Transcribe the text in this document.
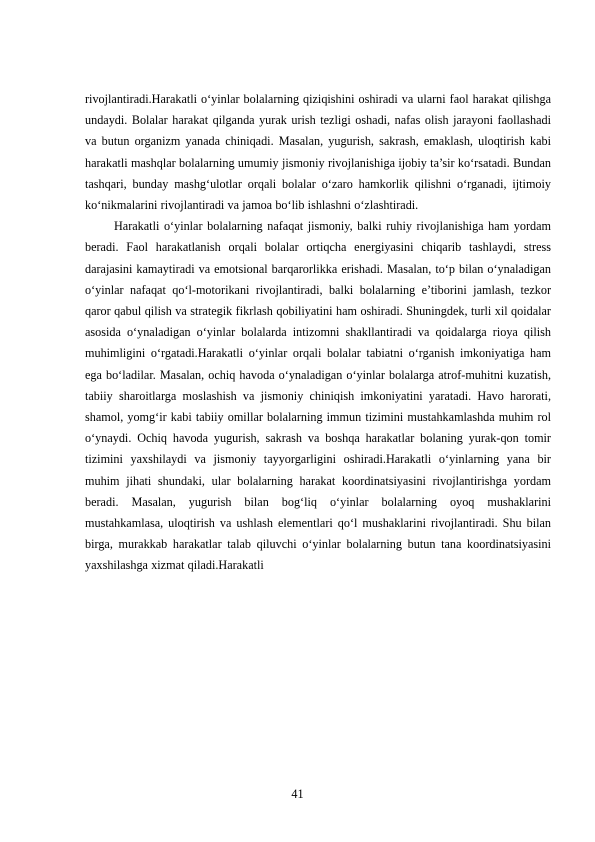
rivojlantiradi.Harakatli o‘yinlar bolalarning qiziqishini oshiradi va ularni faol harakat qilishga undaydi. Bolalar harakat qilganda yurak urish tezligi oshadi, nafas olish jarayoni faollashadi va butun organizm yanada chiniqadi. Masalan, yugurish, sakrash, emaklash, uloqtirish kabi harakatli mashqlar bolalarning umumiy jismoniy rivojlanishiga ijobiy ta’sir ko‘rsatadi. Bundan tashqari, bunday mashg‘ulotlar orqali bolalar o‘zaro hamkorlik qilishni o‘rganadi, ijtimoiy ko‘nikmalarini rivojlantiradi va jamoa bo‘lib ishlashni o‘zlashtiradi.

Harakatli o‘yinlar bolalarning nafaqat jismoniy, balki ruhiy rivojlanishiga ham yordam beradi. Faol harakatlanish orqali bolalar ortiqcha energiyasini chiqarib tashlaydi, stress darajasini kamaytiradi va emotsional barqarorlikka erishadi. Masalan, to‘p bilan o‘ynaladigan o‘yinlar nafaqat qo‘l-motorikani rivojlantiradi, balki bolalarning e’tiborini jamlash, tezkor qaror qabul qilish va strategik fikrlash qobiliyatini ham oshiradi. Shuningdek, turli xil qoidalar asosida o‘ynaladigan o‘yinlar bolalarda intizomni shakllantiradi va qoidalarga rioya qilish muhimligini o‘rgatadi.Harakatli o‘yinlar orqali bolalar tabiatni o‘rganish imkoniyatiga ham ega bo‘ladilar. Masalan, ochiq havoda o‘ynaladigan o‘yinlar bolalarga atrof-muhitni kuzatish, tabiiy sharoitlarga moslashish va jismoniy chiniqish imkoniyatini yaratadi. Havo harorati, shamol, yomg‘ir kabi tabiiy omillar bolalarning immun tizimini mustahkamlashda muhim rol o‘ynaydi. Ochiq havoda yugurish, sakrash va boshqa harakatlar bolaning yurak-qon tomir tizimini yaxshilaydi va jismoniy tayyorgarligini oshiradi.Harakatli o‘yinlarning yana bir muhim jihati shundaki, ular bolalarning harakat koordinatsiyasini rivojlantirishga yordam beradi. Masalan, yugurish bilan bog‘liq o‘yinlar bolalarning oyoq mushaklarini mustahkamlasa, uloqtirish va ushlash elementlari qo‘l mushaklarini rivojlantiradi. Shu bilan birga, murakkab harakatlar talab qiluvchi o‘yinlar bolalarning butun tana koordinatsiyasini yaxshilashga xizmat qiladi.Harakatli

41
